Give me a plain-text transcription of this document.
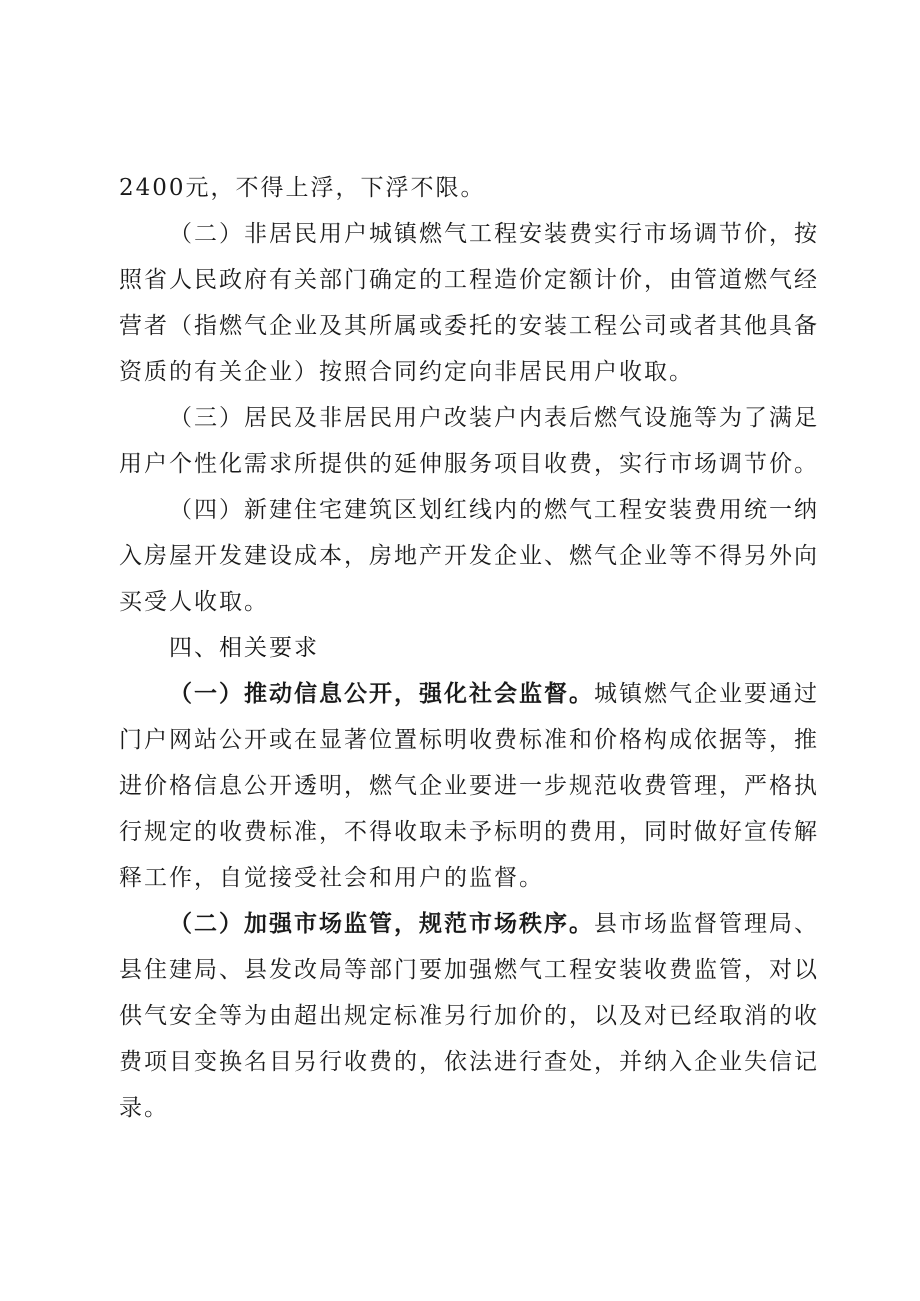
2400元，不得上浮，下浮不限。

（二）非居民用户城镇燃气工程安装费实行市场调节价，按照省人民政府有关部门确定的工程造价定额计价，由管道燃气经营者（指燃气企业及其所属或委托的安装工程公司或者其他具备资质的有关企业）按照合同约定向非居民用户收取。

（三）居民及非居民用户改装户内表后燃气设施等为了满足用户个性化需求所提供的延伸服务项目收费，实行市场调节价。

（四）新建住宅建筑区划红线内的燃气工程安装费用统一纳入房屋开发建设成本，房地产开发企业、燃气企业等不得另外向买受人收取。

四、相关要求

（一）推动信息公开，强化社会监督。城镇燃气企业要通过门户网站公开或在显著位置标明收费标准和价格构成依据等，推进价格信息公开透明，燃气企业要进一步规范收费管理，严格执行规定的收费标准，不得收取未予标明的费用，同时做好宣传解释工作，自觉接受社会和用户的监督。

（二）加强市场监管，规范市场秩序。县市场监督管理局、县住建局、县发改局等部门要加强燃气工程安装收费监管，对以供气安全等为由超出规定标准另行加价的，以及对已经取消的收费项目变换名目另行收费的，依法进行查处，并纳入企业失信记录。
